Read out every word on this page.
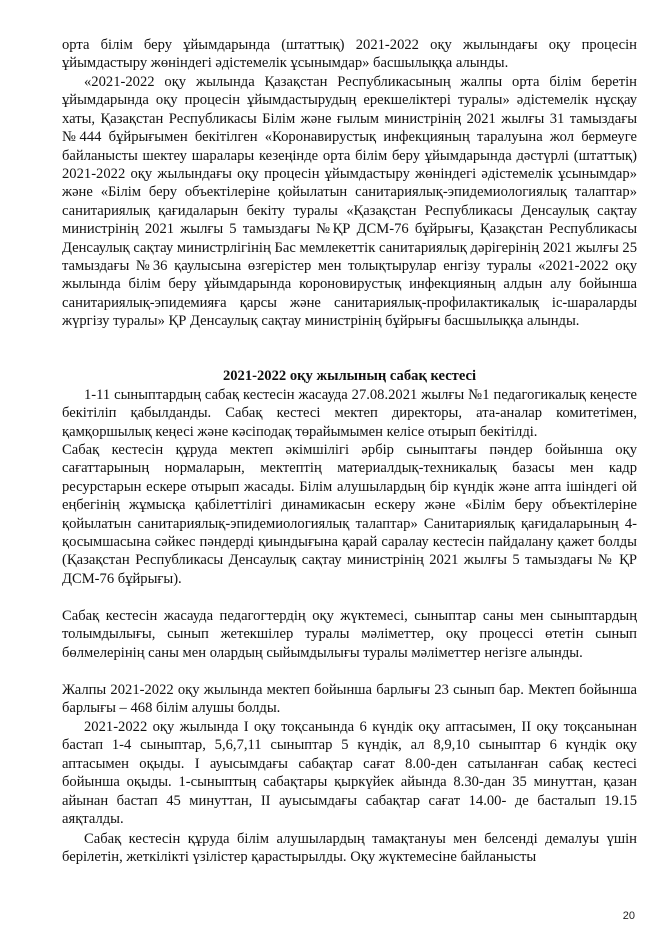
орта білім беру ұйымдарында (штаттық) 2021-2022 оқу жылындағы оқу процесін ұйымдастыру жөніндегі әдістемелік ұсынымдар» басшылыққа алынды.

«2021-2022 оқу жылында Қазақстан Республикасының жалпы орта білім беретін ұйымдарында оқу процесін ұйымдастырудың ерекшеліктері туралы» әдістемелік нұсқау хаты, Қазақстан Республикасы Білім және ғылым министрінің 2021 жылғы 31 тамыздағы №444 бұйрығымен бекітілген «Коронавирустық инфекцияның таралуына жол бермеуге байланысты шектеу шаралары кезеңінде орта білім беру ұйымдарында дәстүрлі (штаттық) 2021-2022 оқу жылындағы оқу процесін ұйымдастыру жөніндегі әдістемелік ұсынымдар» және «Білім беру объектілеріне қойылатын санитариялық-эпидемиологиялық талаптар» санитариялық қағидаларын бекіту туралы «Қазақстан Республикасы Денсаулық сақтау министрінің 2021 жылғы 5 тамыздағы №ҚР ДСМ-76 бұйрығы, Қазақстан Республикасы Денсаулық сақтау министрлігінің Бас мемлекеттік санитариялық дәрігерінің 2021 жылғы 25 тамыздағы №36 қаулысына өзгерістер мен толықтырулар енгізу туралы «2021-2022 оқу жылында білім беру ұйымдарында короновирустық инфекцияның алдын алу бойынша санитариялық-эпидемияға қарсы және санитариялық-профилактикалық іс-шараларды жүргізу туралы» ҚР Денсаулық сақтау министрінің бұйрығы басшылыққа алынды.

2021-2022 оқу жылының сабақ кестесі

1-11 сыныптардың сабақ кестесін жасауда 27.08.2021 жылғы №1 педагогикалық кеңесте бекітіліп қабылданды. Сабақ кестесі мектеп директоры, ата-аналар комитетімен, қамқоршылық кеңесі және кәсіподақ төрайымымен келісе отырып бекітілді.

Сабақ кестесін құруда мектеп әкімшілігі әрбір сыныптағы пәндер бойынша оқу сағаттарының нормаларын, мектептің материалдық-техникалық базасы мен кадр ресурстарын ескере отырып жасады. Білім алушылардың бір күндік және апта ішіндегі ой еңбегінің жұмысқа қабілеттілігі динамикасын ескеру және «Білім беру объектілеріне қойылатын санитариялық-эпидемиологиялық талаптар» Санитариялық қағидаларының 4-қосымшасына сәйкес пәндерді қиындығына қарай саралау кестесін пайдалану қажет болды (Қазақстан Республикасы Денсаулық сақтау министрінің 2021 жылғы 5 тамыздағы № ҚР ДСМ-76 бұйрығы).

Сабақ кестесін жасауда педагогтердің оқу жүктемесі, сыныптар саны мен сыныптардың толымдылығы, сынып жетекшілер туралы мәліметтер, оқу процессі өтетін сынып бөлмелерінің саны мен олардың сыйымдылығы туралы мәліметтер негізге алынды.

Жалпы 2021-2022 оқу жылында мектеп бойынша барлығы 23 сынып бар. Мектеп бойынша барлығы – 468 білім алушы болды.

2021-2022 оқу жылында І оқу тоқсанында 6 күндік оқу аптасымен, ІІ оқу тоқсанынан бастап 1-4 сыныптар, 5,6,7,11 сыныптар 5 күндік, ал 8,9,10 сыныптар 6 күндік оқу аптасымен оқыды. І ауысымдағы сабақтар сағат 8.00-ден сатыланған сабақ кестесі бойынша оқыды. 1-сыныптың сабақтары қыркүйек айында 8.30-дан 35 минуттан, қазан айынан бастап 45 минуттан, ІІ ауысымдағы сабақтар сағат 14.00- де басталып 19.15 аяқталды.

Сабақ кестесін құруда білім алушылардың тамақтануы мен белсенді демалуы үшін берілетін, жеткілікті үзілістер қарастырылды. Оқу жүктемесіне байланысты

20
